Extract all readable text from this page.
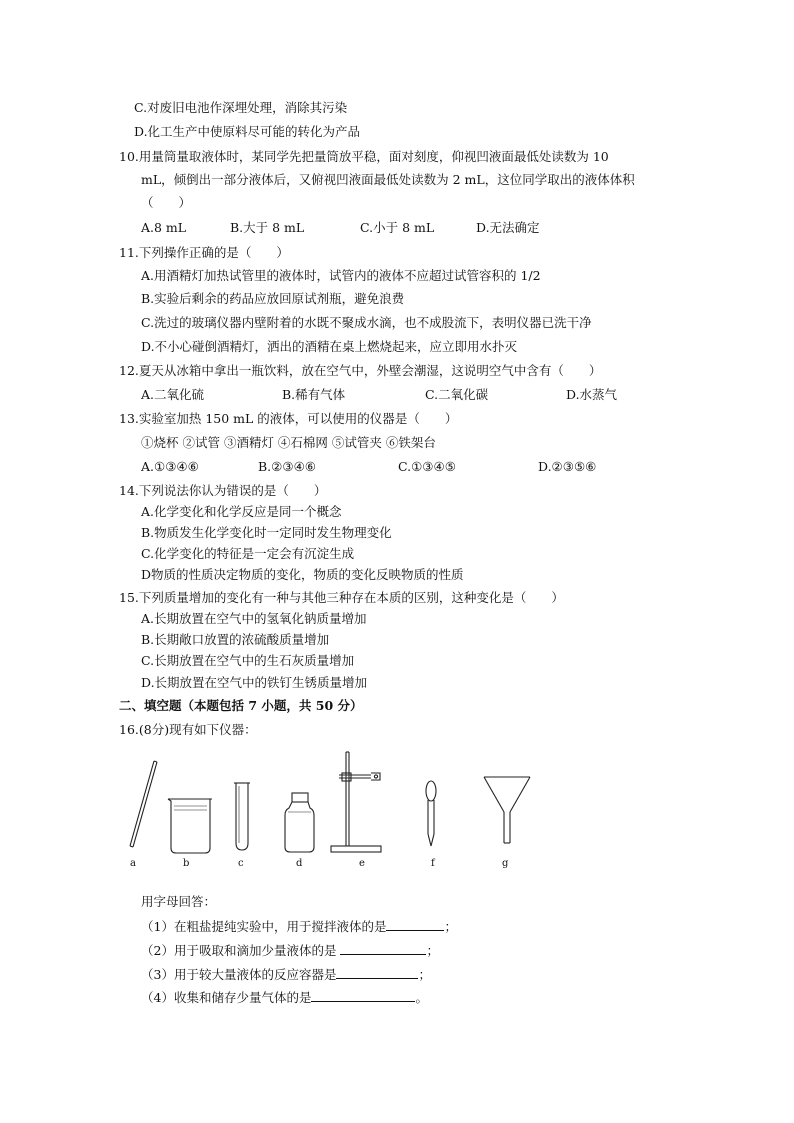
C.对废旧电池作深埋处理，消除其污染
D.化工生产中使原料尽可能的转化为产品
10.用量筒量取液体时，某同学先把量筒放平稳，面对刻度，仰视凹液面最低处读数为 10
mL，倾倒出一部分液体后，又俯视凹液面最低处读数为 2 mL，这位同学取出的液体体积
（　　）
A.8 mL	B.大于 8 mL	C.小于 8 mL	D.无法确定
11.下列操作正确的是（　　）
A.用酒精灯加热试管里的液体时，试管内的液体不应超过试管容积的 1/2
B.实验后剩余的药品应放回原试剂瓶，避免浪费
C.洗过的玻璃仪器内壁附着的水既不聚成水滴，也不成股流下，表明仪器已洗干净
D.不小心碰倒酒精灯，洒出的酒精在桌上燃烧起来，应立即用水扑灭
12.夏天从冰箱中拿出一瓶饮料，放在空气中，外壁会潮湿，这说明空气中含有（　　）
A.二氧化硫	B.稀有气体	C.二氧化碳	D.水蒸气
13.实验室加热 150 mL 的液体，可以使用的仪器是（　　）
①烧杯 ②试管 ③酒精灯 ④石棉网 ⑤试管夹 ⑥铁架台
A.①③④⑥	B.②③④⑥	C.①③④⑤	D.②③⑤⑥
14.下列说法你认为错误的是（　　）
A.化学变化和化学反应是同一个概念
B.物质发生化学变化时一定同时发生物理变化
C.化学变化的特征是一定会有沉淀生成
D物质的性质决定物质的变化，物质的变化反映物质的性质
15.下列质量增加的变化有一种与其他三种存在本质的区别，这种变化是（　　）
A.长期放置在空气中的氢氧化钠质量增加
B.长期敞口放置的浓硫酸质量增加
C.长期放置在空气中的生石灰质量增加
D.长期放置在空气中的铁钉生锈质量增加
二、填空题（本题包括 7 小题，共 50 分）
16.(8分)现有如下仪器：
a	b	c	d	e	f	g
用字母回答：
（1）在粗盐提纯实验中，用于搅拌液体的是	；
（2）用于吸取和滴加少量液体的是	；
（3）用于较大量液体的反应容器是	；
（4）收集和储存少量气体的是	。
